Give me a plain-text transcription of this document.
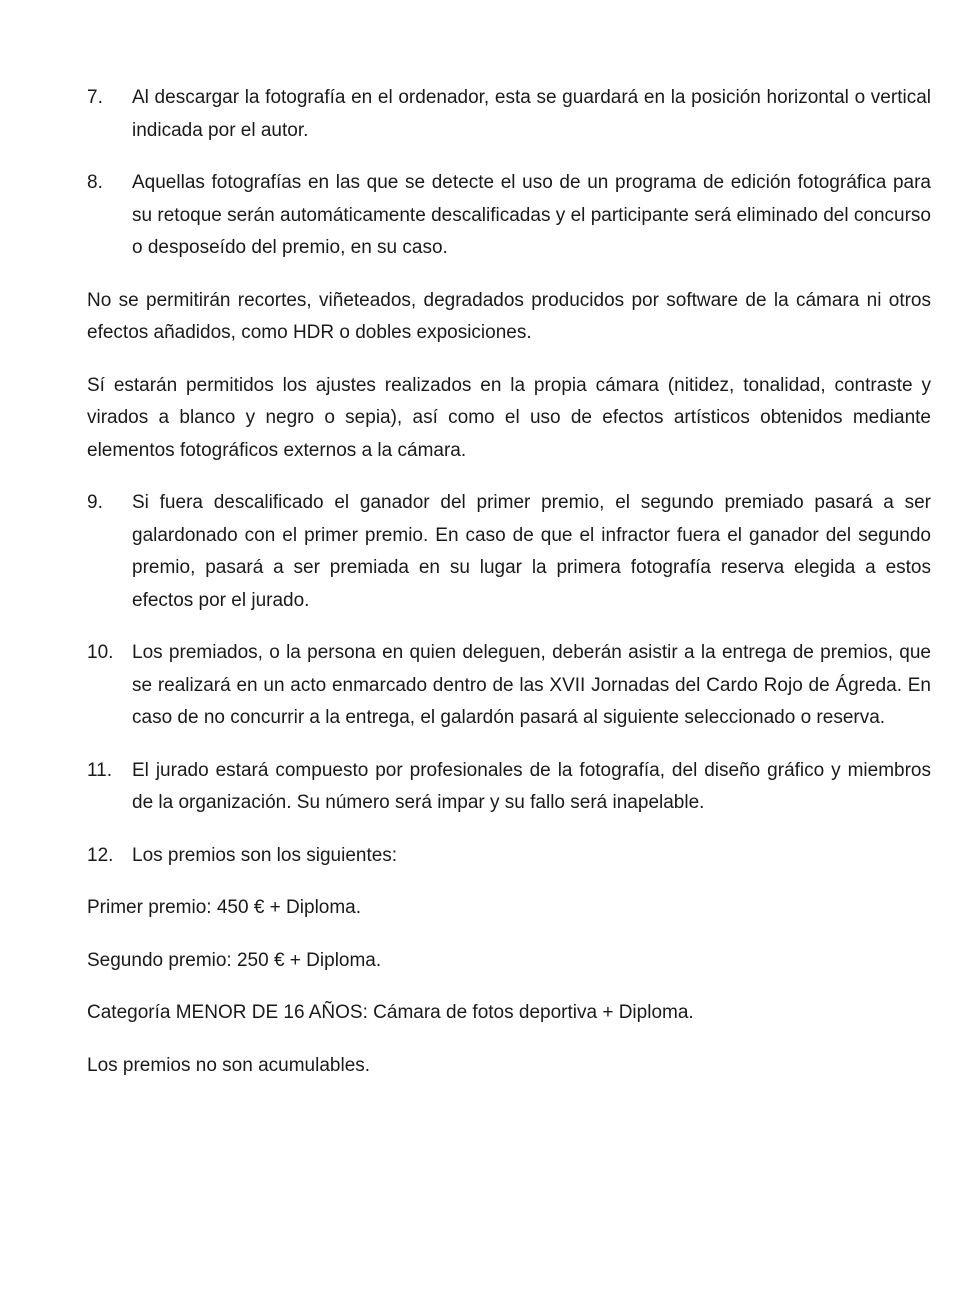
7.	Al descargar la fotografía en el ordenador, esta se guardará en la posición horizontal o vertical indicada por el autor.
8.	Aquellas fotografías en las que se detecte el uso de un programa de edición fotográfica para su retoque serán automáticamente descalificadas y el participante será eliminado del concurso o desposeído del premio, en su caso.

No se permitirán recortes, viñeteados, degradados producidos por software de la cámara ni otros efectos añadidos, como HDR o dobles exposiciones.

Sí estarán permitidos los ajustes realizados en la propia cámara (nitidez, tonalidad, contraste y virados a blanco y negro o sepia), así como el uso de efectos artísticos obtenidos mediante elementos fotográficos externos a la cámara.

9.	Si fuera descalificado el ganador del primer premio, el segundo premiado pasará a ser galardonado con el primer premio. En caso de que el infractor fuera el ganador del segundo premio, pasará a ser premiada en su lugar la primera fotografía reserva elegida a estos efectos por el jurado.
10. Los premiados, o la persona en quien deleguen, deberán asistir a la entrega de premios, que se realizará en un acto enmarcado dentro de las XVII Jornadas del Cardo Rojo de Ágreda. En caso de no concurrir a la entrega, el galardón pasará al siguiente seleccionado o reserva.
11.	El jurado estará compuesto por profesionales de la fotografía, del diseño gráfico y miembros de la organización. Su número será impar y su fallo será inapelable.
12. Los premios son los siguientes:

Primer premio: 450 € + Diploma.

Segundo premio: 250 € + Diploma.

Categoría MENOR DE 16 AÑOS: Cámara de fotos deportiva + Diploma.

Los premios no son acumulables.
